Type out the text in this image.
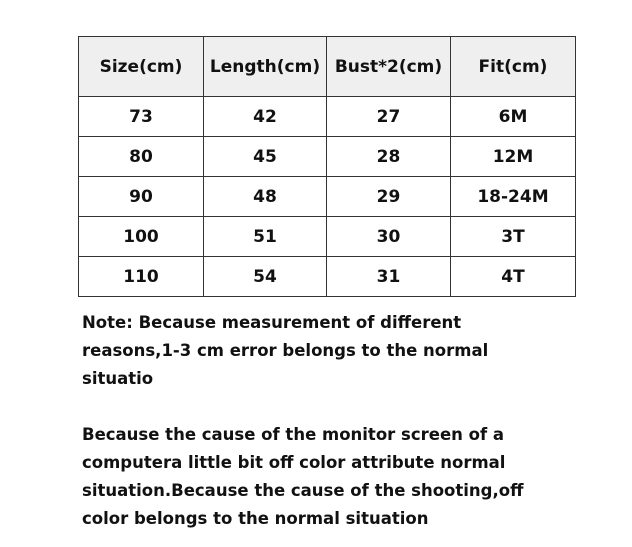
Size(cm)	Length(cm)	Bust*2(cm)	Fit(cm)
73	42	27	6M
80	45	28	12M
90	48	29	18-24M
100	51	30	3T
110	54	31	4T

Note: Because measurement of different reasons,1-3 cm error belongs to the normal situatio

Because the cause of the monitor screen of a computera little bit off color attribute normal situation.Because the cause of the shooting,off color belongs to the normal situation
